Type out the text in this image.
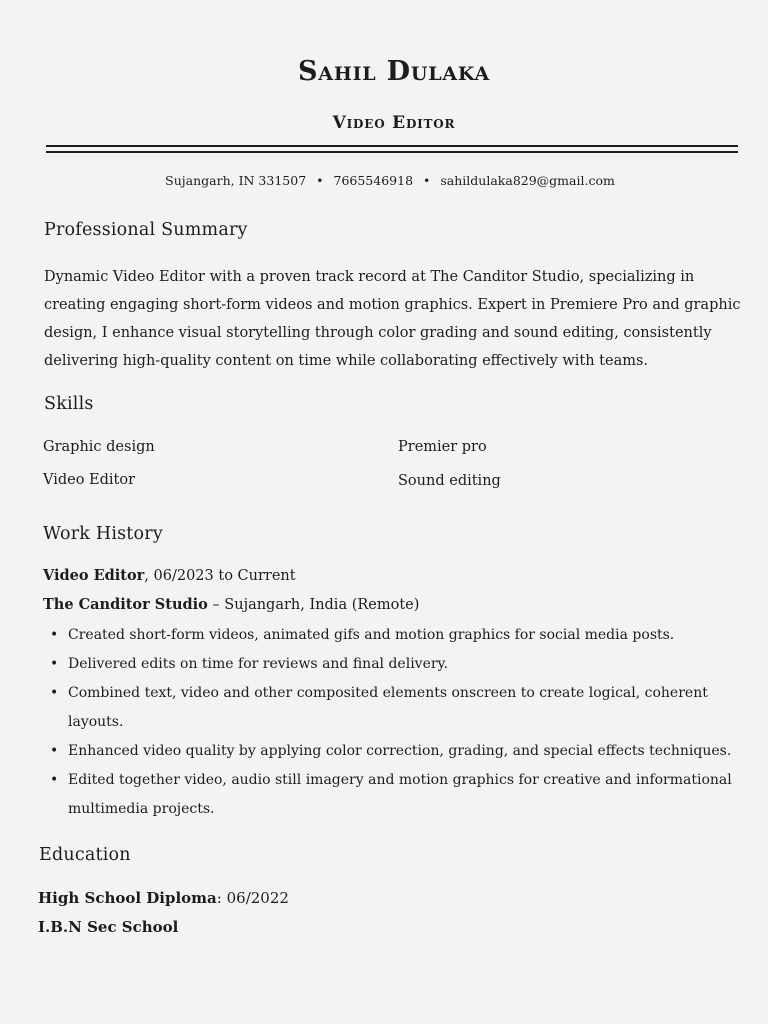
Sahil Dulaka
Video Editor
Sujangarh, IN 331507 • 7665546918 • sahildulaka829@gmail.com
Professional Summary
Dynamic Video Editor with a proven track record at The Canditor Studio, specializing in creating engaging short-form videos and motion graphics. Expert in Premiere Pro and graphic design, I enhance visual storytelling through color grading and sound editing, consistently delivering high-quality content on time while collaborating effectively with teams.
Skills
Graphic design	Premier pro
Video Editor	Sound editing
Work History
Video Editor, 06/2023 to Current
The Canditor Studio – Sujangarh, India (Remote)
• Created short-form videos, animated gifs and motion graphics for social media posts.
• Delivered edits on time for reviews and final delivery.
• Combined text, video and other composited elements onscreen to create logical, coherent layouts.
• Enhanced video quality by applying color correction, grading, and special effects techniques.
• Edited together video, audio still imagery and motion graphics for creative and informational multimedia projects.
Education
High School Diploma: 06/2022
I.B.N Sec School
